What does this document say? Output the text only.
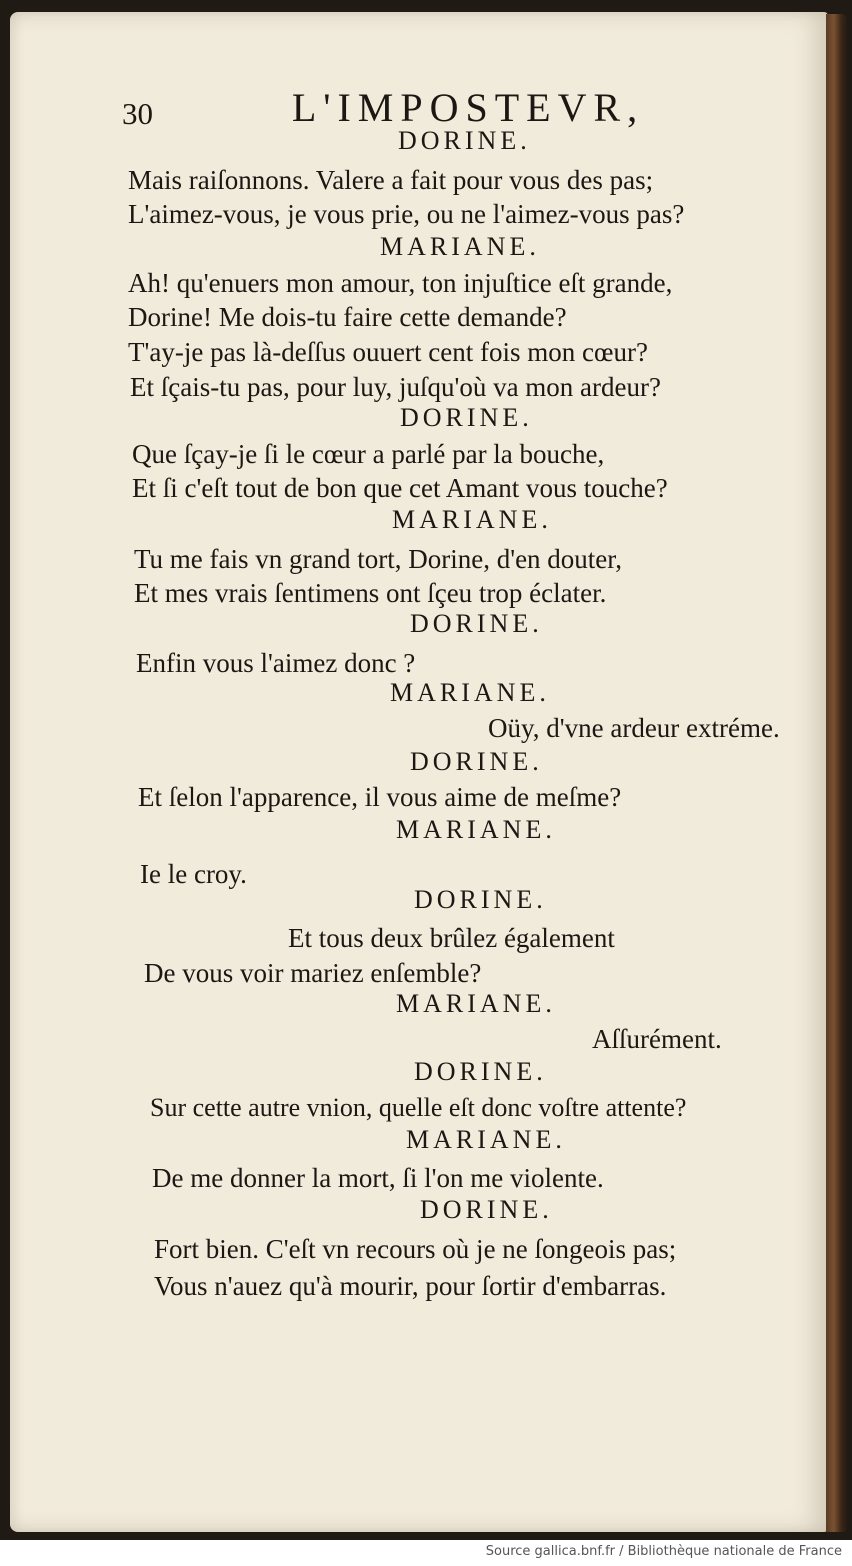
30	L'IMPOSTEVR,
DORINE.
Mais raiſonnons. Valere a fait pour vous des pas;
L'aimez-vous, je vous prie, ou ne l'aimez-vous pas?
MARIANE.
Ah! qu'enuers mon amour, ton injuſtice eſt grande,
Dorine! Me dois-tu faire cette demande?
T'ay-je pas là-deſſus ouuert cent fois mon cœur?
Et ſçais-tu pas, pour luy, juſqu'où va mon ardeur?
DORINE.
Que ſçay-je ſi le cœur a parlé par la bouche,
Et ſi c'eſt tout de bon que cet Amant vous touche?
MARIANE.
Tu me fais vn grand tort, Dorine, d'en douter,
Et mes vrais ſentimens ont ſçeu trop éclater.
DORINE.
Enfin vous l'aimez donc ?
MARIANE.
Oüy, d'vne ardeur extréme.
DORINE.
Et ſelon l'apparence, il vous aime de meſme?
MARIANE.
Ie le croy.
DORINE.
Et tous deux brûlez également
De vous voir mariez enſemble?
MARIANE.
Aſſurément.
DORINE.
Sur cette autre vnion, quelle eſt donc voſtre attente?
MARIANE.
De me donner la mort, ſi l'on me violente.
DORINE.
Fort bien. C'eſt vn recours où je ne ſongeois pas;
Vous n'auez qu'à mourir, pour ſortir d'embarras.
Source gallica.bnf.fr / Bibliothèque nationale de France
